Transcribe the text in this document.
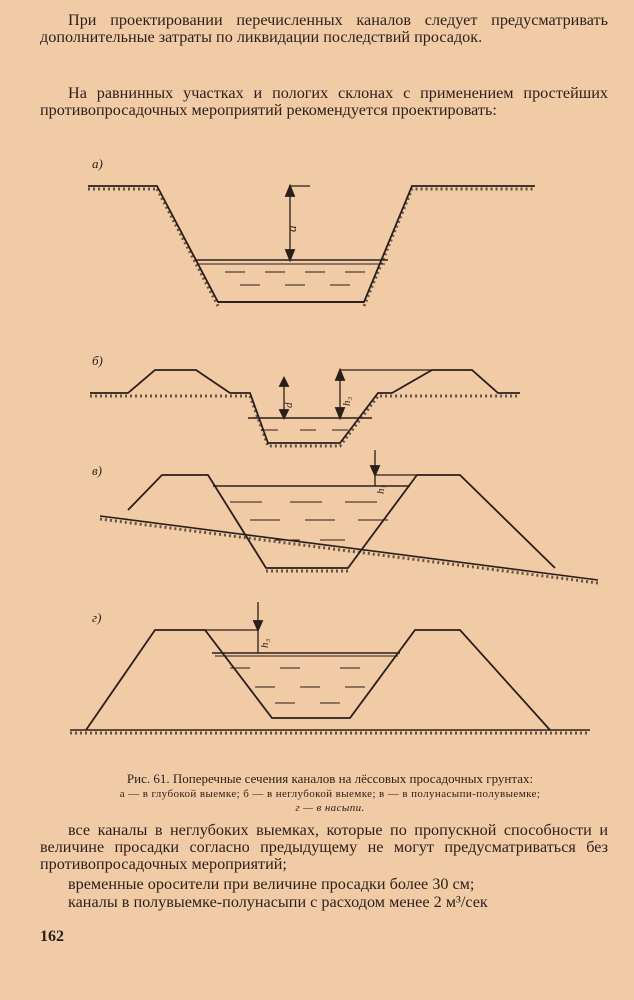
При проектировании перечисленных каналов следует предусматривать дополнительные затраты по ликвидации последствий просадок.

На равнинных участках и пологих склонах с применением простейших противопросадочных мероприятий рекомендуется проектировать:

а)
б)
в)
г)
a
d	h₃
h₃
h₃
Рис. 61. Поперечные сечения каналов на лёссовых просадочных грунтах:
а — в глубокой выемке; б — в неглубокой выемке; в — в полунасыпи-полувыемке;
г — в насыпи.

все каналы в неглубоких выемках, которые по пропускной способности и величине просадки согласно предыдущему не могут предусматриваться без противопросадочных мероприятий;

временные оросители при величине просадки более 30 см;

каналы в полувыемке-полунасыпи с расходом менее 2 м³/сек

162
